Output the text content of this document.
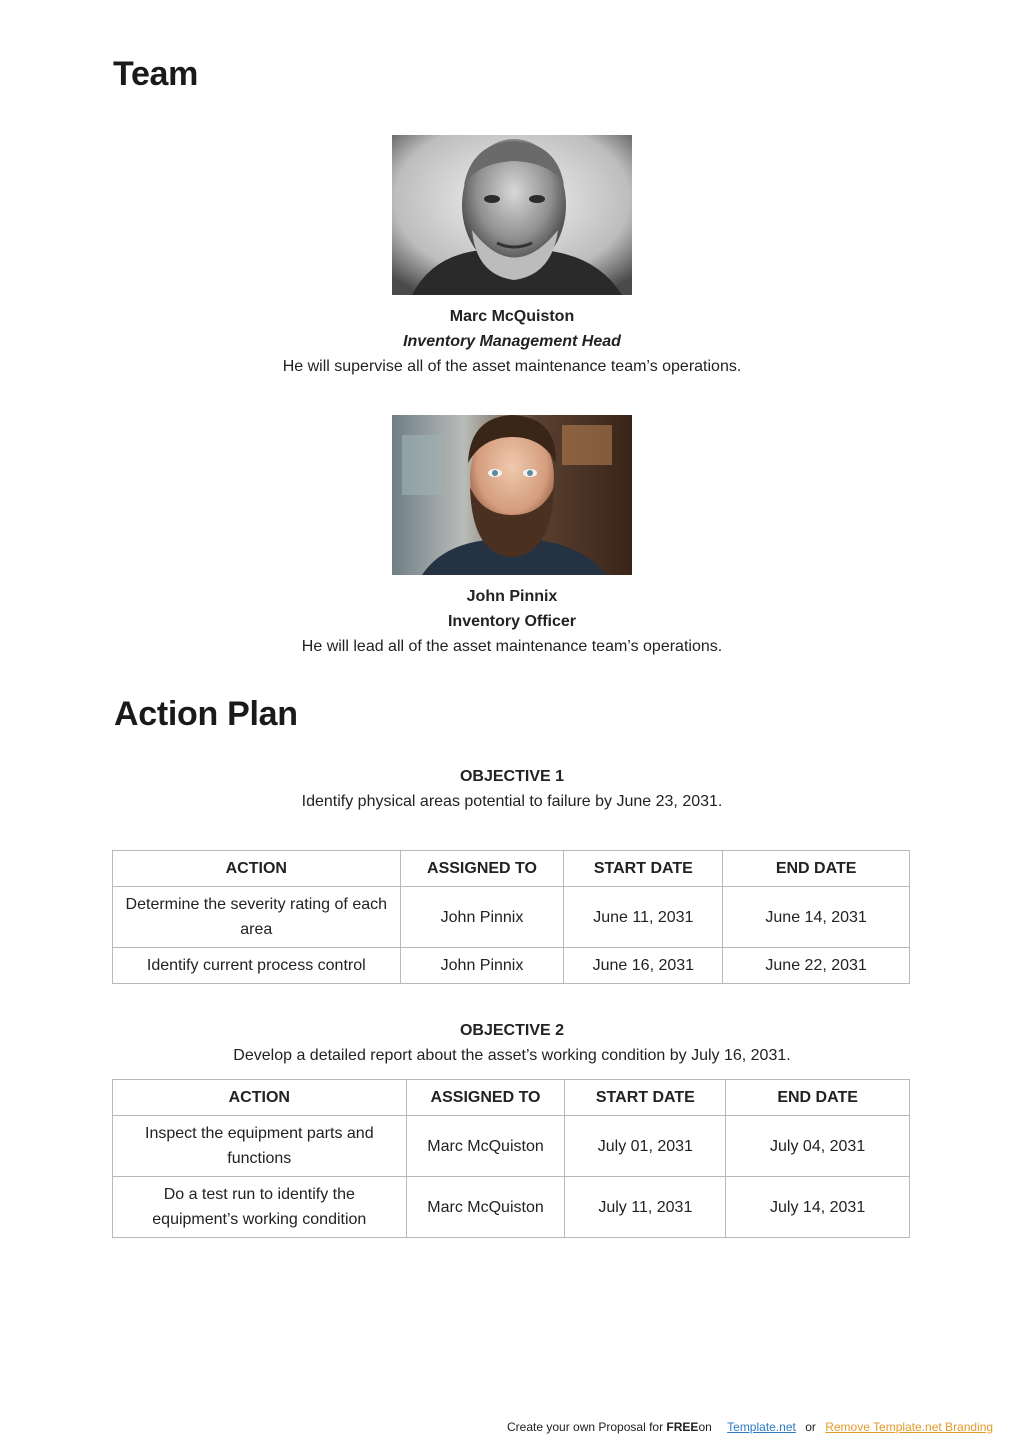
Team
Marc McQuiston
Inventory Management Head
He will supervise all of the asset maintenance team’s operations.
John Pinnix
Inventory Officer
He will lead all of the asset maintenance team’s operations.
Action Plan
OBJECTIVE 1
Identify physical areas potential to failure by June 23, 2031.
ACTION	ASSIGNED TO	START DATE	END DATE
Determine the severity rating of each area	John Pinnix	June 11, 2031	June 14, 2031
Identify current process control	John Pinnix	June 16, 2031	June 22, 2031
OBJECTIVE 2
Develop a detailed report about the asset’s working condition by July 16, 2031.
ACTION	ASSIGNED TO	START DATE	END DATE
Inspect the equipment parts and functions	Marc McQuiston	July 01, 2031	July 04, 2031
Do a test run to identify the equipment’s working condition	Marc McQuiston	July 11, 2031	July 14, 2031
Create your own Proposal for FREEon Template.net or Remove Template.net Branding
